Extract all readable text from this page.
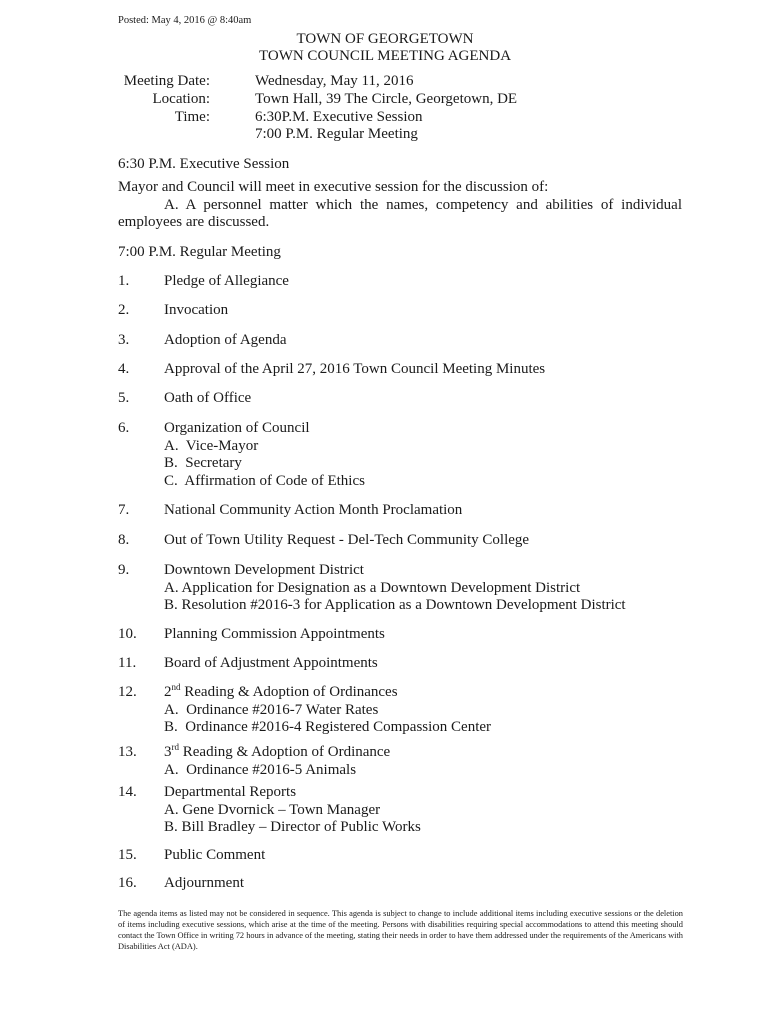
Posted: May 4, 2016 @ 8:40am
TOWN OF GEORGETOWN
TOWN COUNCIL MEETING AGENDA
Meeting Date:	Wednesday, May 11, 2016
Location:	Town Hall, 39 The Circle, Georgetown, DE
Time:	6:30P.M. Executive Session
7:00 P.M. Regular Meeting
6:30 P.M. Executive Session
Mayor and Council will meet in executive session for the discussion of:
A. A personnel matter which the names, competency and abilities of individual employees are discussed.
7:00 P.M. Regular Meeting
1. Pledge of Allegiance
2. Invocation
3. Adoption of Agenda
4. Approval of the April 27, 2016 Town Council Meeting Minutes
5. Oath of Office
6. Organization of Council
A.  Vice-Mayor
B.  Secretary
C.  Affirmation of Code of Ethics
7. National Community Action Month Proclamation
8. Out of Town Utility Request - Del-Tech Community College
9. Downtown Development District
A. Application for Designation as a Downtown Development District
B. Resolution #2016-3 for Application as a Downtown Development District
10. Planning Commission Appointments
11. Board of Adjustment Appointments
12. 2nd Reading & Adoption of Ordinances
A.  Ordinance #2016-7 Water Rates
B.  Ordinance #2016-4 Registered Compassion Center
13. 3rd Reading & Adoption of Ordinance
A.  Ordinance #2016-5 Animals
14. Departmental Reports
A. Gene Dvornick – Town Manager
B. Bill Bradley – Director of Public Works
15. Public Comment
16. Adjournment
The agenda items as listed may not be considered in sequence. This agenda is subject to change to include additional items including executive sessions or the deletion of items including executive sessions, which arise at the time of the meeting. Persons with disabilities requiring special accommodations to attend this meeting should contact the Town Office in writing 72 hours in advance of the meeting, stating their needs in order to have them addressed under the requirements of the Americans with Disabilities Act (ADA).
